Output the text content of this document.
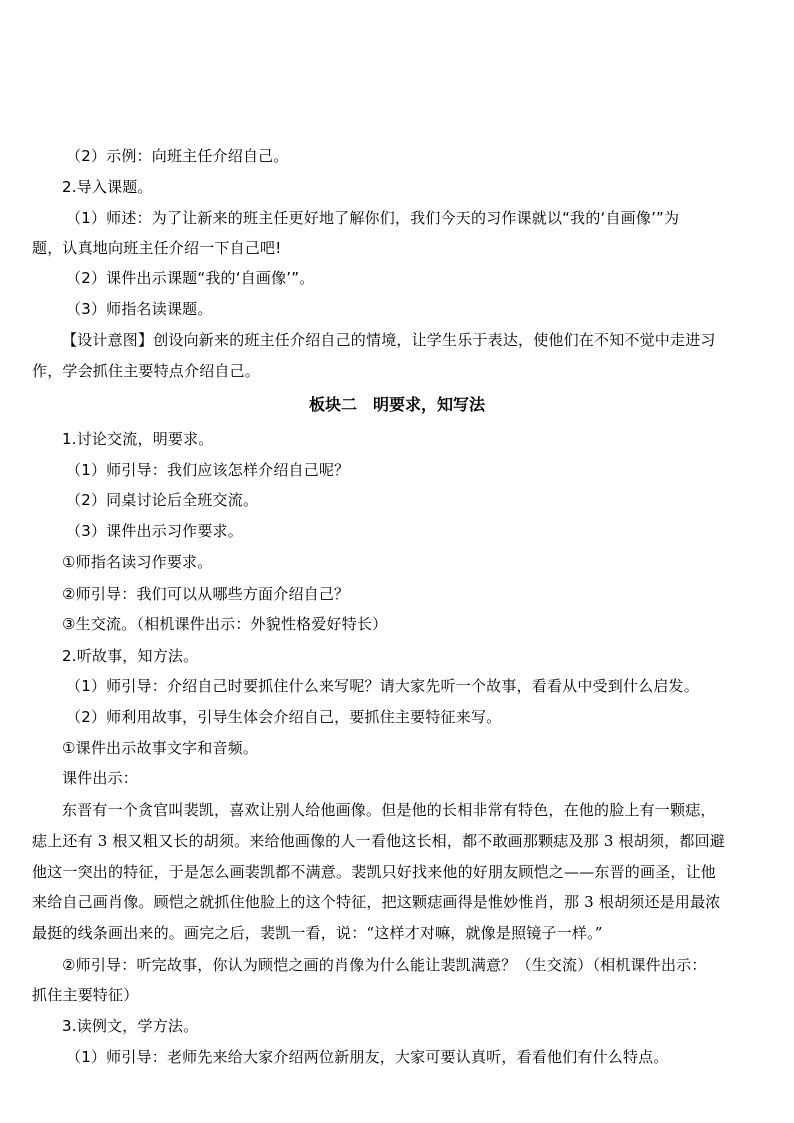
（2）示例：向班主任介绍自己。
2.导入课题。
（1）师述：为了让新来的班主任更好地了解你们，我们今天的习作课就以“我的‘自画像’”为
题，认真地向班主任介绍一下自己吧!
（2）课件出示课题“我的‘自画像’”。
（3）师指名读课题。
【设计意图】创设向新来的班主任介绍自己的情境，让学生乐于表达，使他们在不知不觉中走进习
作，学会抓住主要特点介绍自己。
板块二　明要求，知写法
1.讨论交流，明要求。
（1）师引导：我们应该怎样介绍自己呢？
（2）同桌讨论后全班交流。
（3）课件出示习作要求。
①师指名读习作要求。
②师引导：我们可以从哪些方面介绍自己？
③生交流。（相机课件出示：外貌性格爱好特长）
2.听故事，知方法。
（1）师引导：介绍自己时要抓住什么来写呢？请大家先听一个故事，看看从中受到什么启发。
（2）师利用故事，引导生体会介绍自己，要抓住主要特征来写。
①课件出示故事文字和音频。
课件出示：
东晋有一个贪官叫裴凯，喜欢让别人给他画像。但是他的长相非常有特色，在他的脸上有一颗痣，
痣上还有 3 根又粗又长的胡须。来给他画像的人一看他这长相，都不敢画那颗痣及那 3 根胡须，都回避
他这一突出的特征，于是怎么画裴凯都不满意。裴凯只好找来他的好朋友顾恺之——东晋的画圣，让他
来给自己画肖像。顾恺之就抓住他脸上的这个特征，把这颗痣画得是惟妙惟肖，那 3 根胡须还是用最浓
最挺的线条画出来的。画完之后，裴凯一看，说：“这样才对嘛，就像是照镜子一样。”
②师引导：听完故事，你认为顾恺之画的肖像为什么能让裴凯满意？（生交流）（相机课件出示：
抓住主要特征）
3.读例文，学方法。
（1）师引导：老师先来给大家介绍两位新朋友，大家可要认真听，看看他们有什么特点。
